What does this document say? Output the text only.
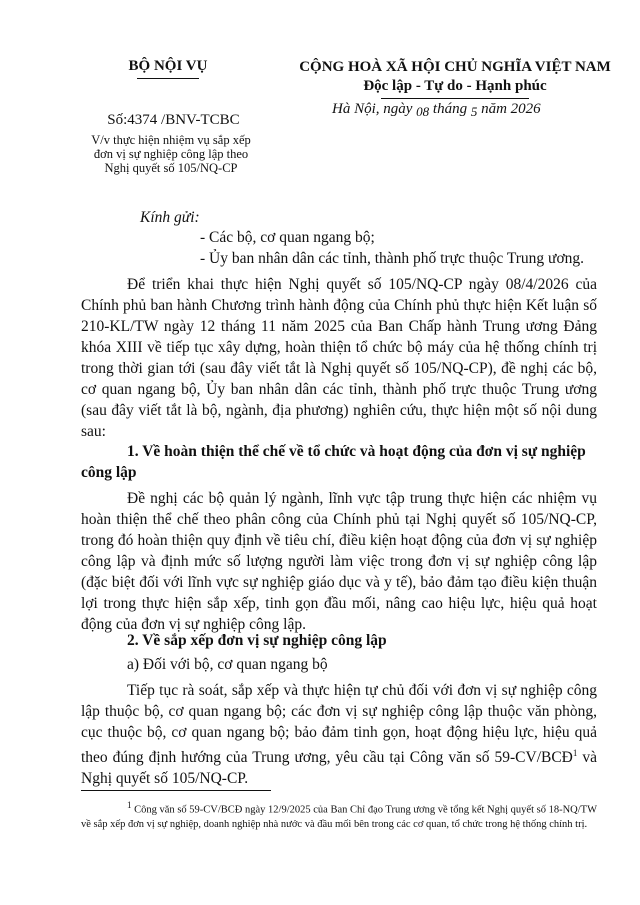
BỘ NỘI VỤ	CỘNG HOÀ XÃ HỘI CHỦ NGHĨA VIỆT NAM
Độc lập - Tự do - Hạnh phúc
Số:4374 /BNV-TCBC
V/v thực hiện nhiệm vụ sắp xếp đơn vị sự nghiệp công lập theo Nghị quyết số 105/NQ-CP
Hà Nội, ngày 08 tháng 5 năm 2026
Kính gửi:
- Các bộ, cơ quan ngang bộ;
- Ủy ban nhân dân các tỉnh, thành phố trực thuộc Trung ương.

Để triển khai thực hiện Nghị quyết số 105/NQ-CP ngày 08/4/2026 của Chính phủ ban hành Chương trình hành động của Chính phủ thực hiện Kết luận số 210-KL/TW ngày 12 tháng 11 năm 2025 của Ban Chấp hành Trung ương Đảng khóa XIII về tiếp tục xây dựng, hoàn thiện tổ chức bộ máy của hệ thống chính trị trong thời gian tới (sau đây viết tắt là Nghị quyết số 105/NQ-CP), đề nghị các bộ, cơ quan ngang bộ, Ủy ban nhân dân các tỉnh, thành phố trực thuộc Trung ương (sau đây viết tắt là bộ, ngành, địa phương) nghiên cứu, thực hiện một số nội dung sau:

1. Về hoàn thiện thể chế về tổ chức và hoạt động của đơn vị sự nghiệp công lập

Đề nghị các bộ quản lý ngành, lĩnh vực tập trung thực hiện các nhiệm vụ hoàn thiện thể chế theo phân công của Chính phủ tại Nghị quyết số 105/NQ-CP, trong đó hoàn thiện quy định về tiêu chí, điều kiện hoạt động của đơn vị sự nghiệp công lập và định mức số lượng người làm việc trong đơn vị sự nghiệp công lập (đặc biệt đối với lĩnh vực sự nghiệp giáo dục và y tế), bảo đảm tạo điều kiện thuận lợi trong thực hiện sắp xếp, tinh gọn đầu mối, nâng cao hiệu lực, hiệu quả hoạt động của đơn vị sự nghiệp công lập.

2. Về sắp xếp đơn vị sự nghiệp công lập

a) Đối với bộ, cơ quan ngang bộ

Tiếp tục rà soát, sắp xếp và thực hiện tự chủ đối với đơn vị sự nghiệp công lập thuộc bộ, cơ quan ngang bộ; các đơn vị sự nghiệp công lập thuộc văn phòng, cục thuộc bộ, cơ quan ngang bộ; bảo đảm tinh gọn, hoạt động hiệu lực, hiệu quả theo đúng định hướng của Trung ương, yêu cầu tại Công văn số 59-CV/BCĐ$^1$ và Nghị quyết số 105/NQ-CP.

$^1$ Công văn số 59-CV/BCĐ ngày 12/9/2025 của Ban Chỉ đạo Trung ương về tổng kết Nghị quyết số 18-NQ/TW về sắp xếp đơn vị sự nghiệp, doanh nghiệp nhà nước và đầu mối bên trong các cơ quan, tổ chức trong hệ thống chính trị.
